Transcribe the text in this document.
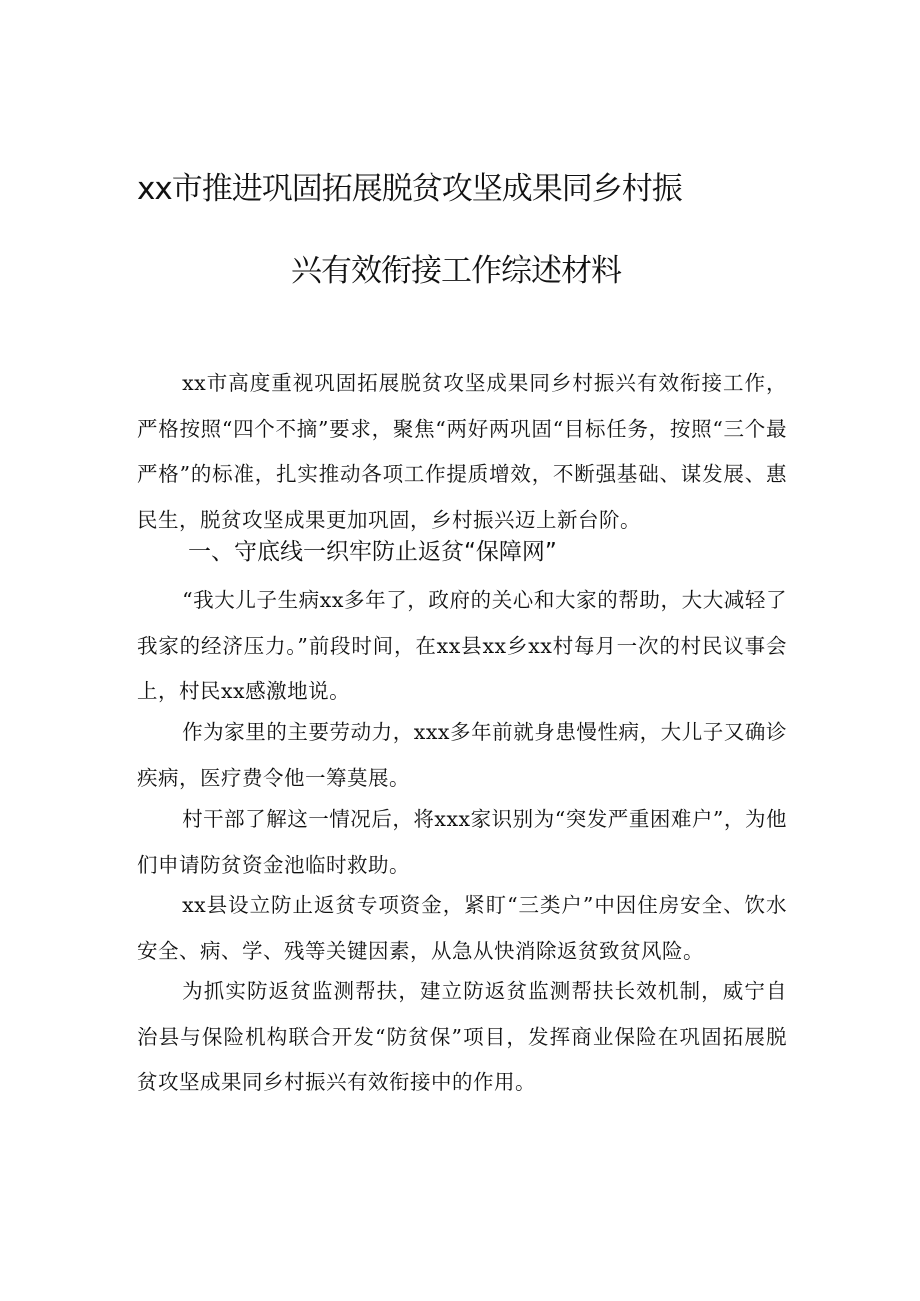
xx市推进巩固拓展脱贫攻坚成果同乡村振
兴有效衔接工作综述材料

xx市高度重视巩固拓展脱贫攻坚成果同乡村振兴有效衔接工作，严格按照“四个不摘”要求，聚焦“两好两巩固“目标任务，按照“三个最严格”的标准，扎实推动各项工作提质增效，不断强基础、谋发展、惠民生，脱贫攻坚成果更加巩固，乡村振兴迈上新台阶。

一、守底线一织牢防止返贫“保障网”

“我大儿子生病xx多年了，政府的关心和大家的帮助，大大减轻了我家的经济压力。”前段时间，在xx县xx乡xx村每月一次的村民议事会上，村民xx感激地说。

作为家里的主要劳动力，xxx多年前就身患慢性病，大儿子又确诊疾病，医疗费令他一筹莫展。

村干部了解这一情况后，将xxx家识别为“突发严重困难户”，为他们申请防贫资金池临时救助。

xx县设立防止返贫专项资金，紧盯“三类户”中因住房安全、饮水安全、病、学、残等关键因素，从急从快消除返贫致贫风险。

为抓实防返贫监测帮扶，建立防返贫监测帮扶长效机制，威宁自治县与保险机构联合开发“防贫保”项目，发挥商业保险在巩固拓展脱贫攻坚成果同乡村振兴有效衔接中的作用。
